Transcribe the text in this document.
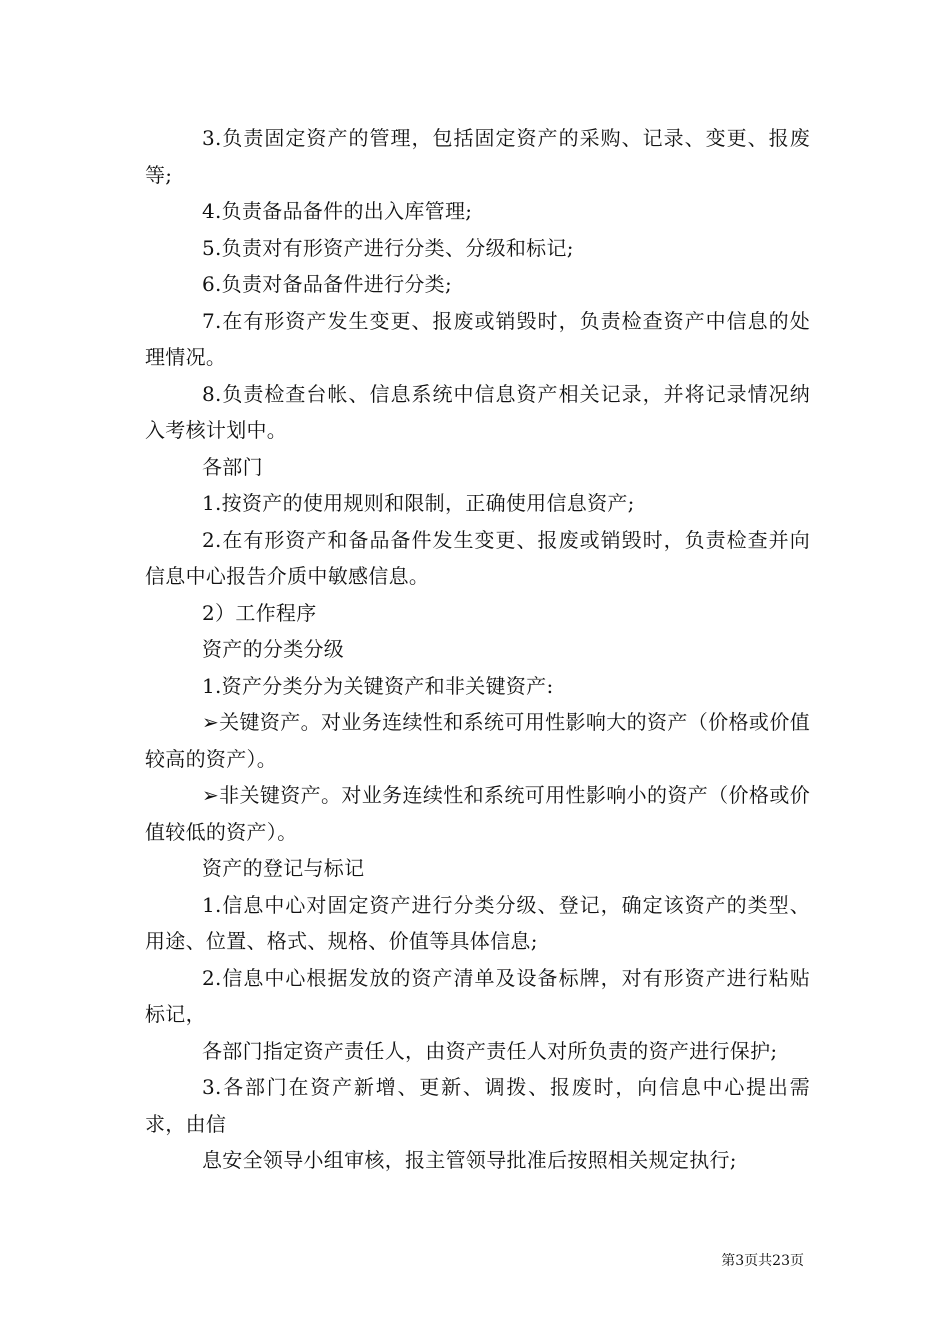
3.负责固定资产的管理，包括固定资产的采购、记录、变更、报废等;

4.负责备品备件的出入库管理;

5.负责对有形资产进行分类、分级和标记;

6.负责对备品备件进行分类;

7.在有形资产发生变更、报废或销毁时，负责检查资产中信息的处理情况。

8.负责检查台帐、信息系统中信息资产相关记录，并将记录情况纳入考核计划中。

各部门

1.按资产的使用规则和限制，正确使用信息资产;

2.在有形资产和备品备件发生变更、报废或销毁时，负责检查并向信息中心报告介质中敏感信息。

2）工作程序

资产的分类分级

1.资产分类分为关键资产和非关键资产:

➢关键资产。对业务连续性和系统可用性影响大的资产（价格或价值较高的资产）。

➢非关键资产。对业务连续性和系统可用性影响小的资产（价格或价值较低的资产）。

资产的登记与标记

1.信息中心对固定资产进行分类分级、登记，确定该资产的类型、用途、位置、格式、规格、价值等具体信息;

2.信息中心根据发放的资产清单及设备标牌，对有形资产进行粘贴标记，

各部门指定资产责任人，由资产责任人对所负责的资产进行保护;

3.各部门在资产新增、更新、调拨、报废时，向信息中心提出需求，由信

息安全领导小组审核，报主管领导批准后按照相关规定执行;

第3页共23页
